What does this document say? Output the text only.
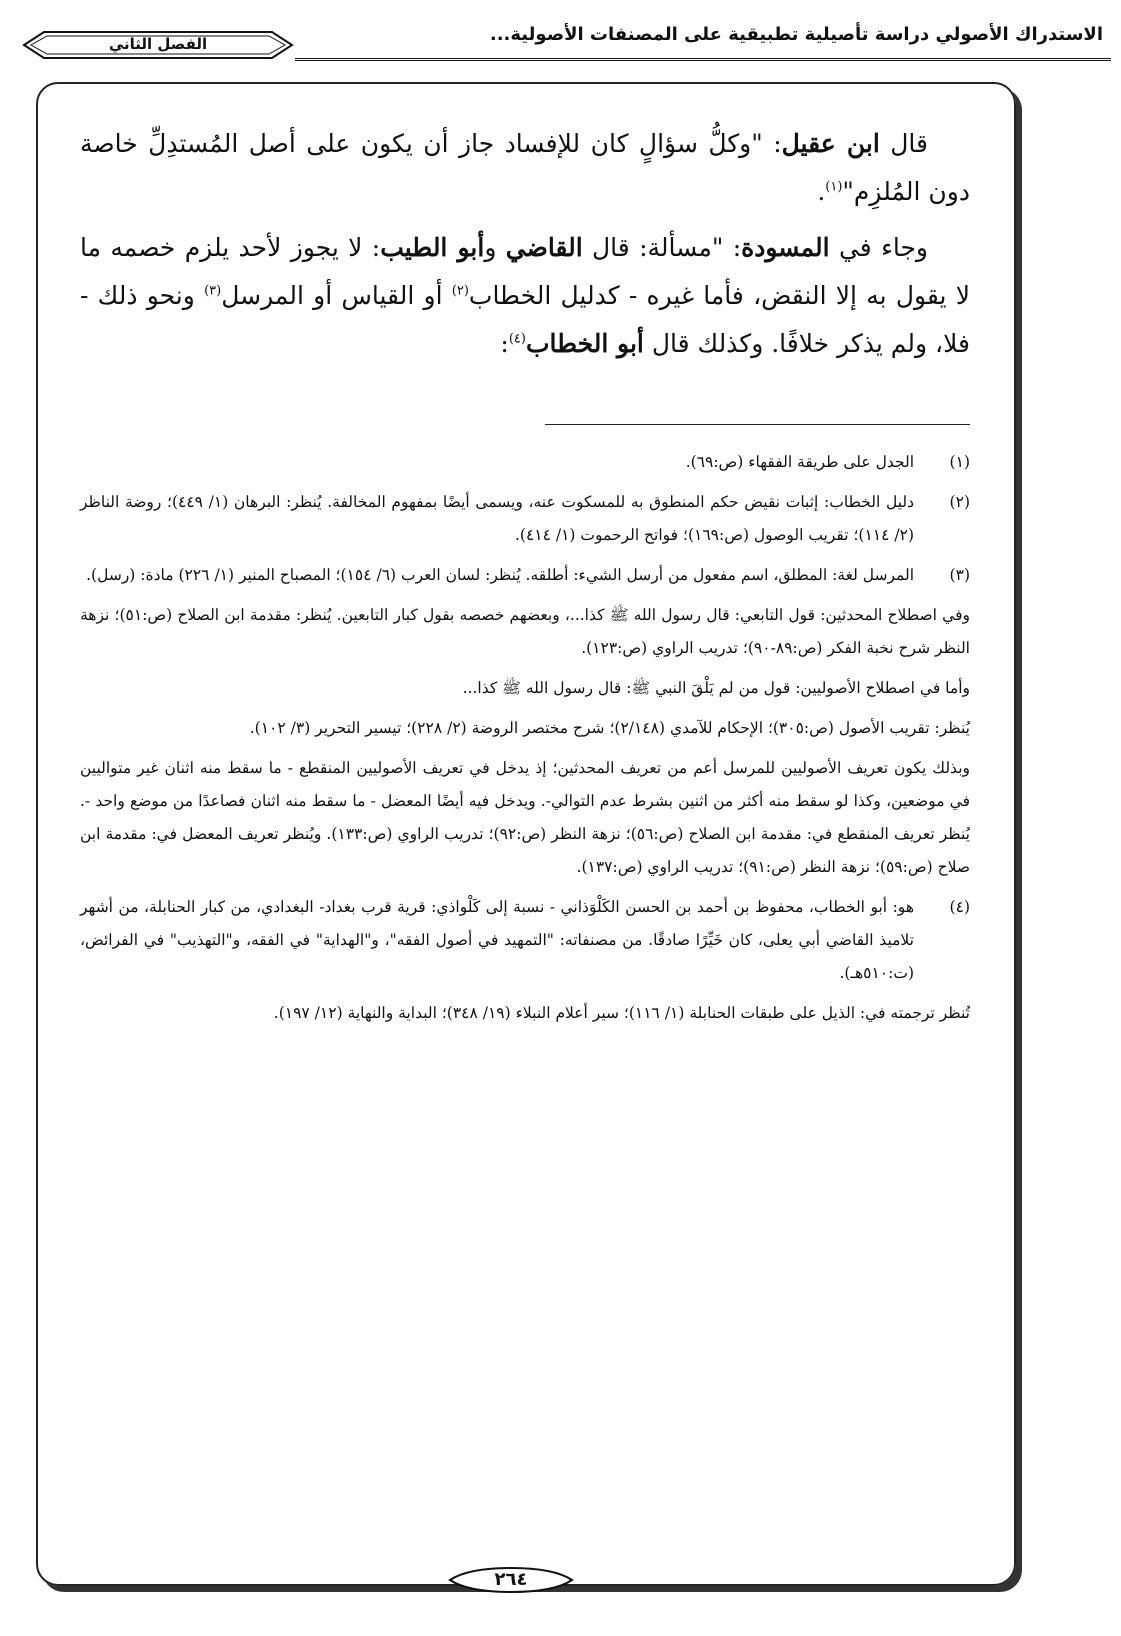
الاستدراك الأصولي دراسة تأصيلية تطبيقية على المصنفات الأصولية...
الفصل الثاني

قال ابن عقيل: "وكلُّ سؤالٍ كان للإفساد جاز أن يكون على أصل المُستدِلِّ خاصة دون المُلزِم"$^{(١)}$.

وجاء في المسودة: "مسألة: قال القاضي وأبو الطيب: لا يجوز لأحد يلزم خصمه ما لا يقول به إلا النقض، فأما غيره - كدليل الخطاب$^{(٢)}$ أو القياس أو المرسل$^{(٣)}$ ونحو ذلك - فلا، ولم يذكر خلافًا. وكذلك قال أبو الخطاب$^{(٤)}$:

(١)
الجدل على طريقة الفقهاء (ص:٦٩).
(٢)
دليل الخطاب: إثبات نقيض حكم المنطوق به للمسكوت عنه، ويسمى أيضًا بمفهوم المخالفة. يُنظر: البرهان (١/ ٤٤٩)؛ روضة الناظر (٢/ ١١٤)؛ تقريب الوصول (ص:١٦٩)؛ فواتح الرحموت (١/ ٤١٤).
(٣)
المرسل لغة: المطلق، اسم مفعول من أرسل الشيء: أطلقه. يُنظر: لسان العرب (٦/ ١٥٤)؛ المصباح المنير (١/ ٢٢٦) مادة: (رسل).
وفي اصطلاح المحدثين: قول التابعي: قال رسول الله ﷺ كذا...، وبعضهم خصصه بقول كبار التابعين. يُنظر: مقدمة ابن الصلاح (ص:٥١)؛ نزهة النظر شرح نخبة الفكر (ص:٨٩-٩٠)؛ تدريب الراوي (ص:١٢٣).
وأما في اصطلاح الأصوليين: قول من لم يَلْقَ النبي ﷺ: قال رسول الله ﷺ كذا...
يُنظر: تقريب الأصول (ص:٣٠٥)؛ الإحكام للآمدي (٢/١٤٨)؛ شرح مختصر الروضة (٢/ ٢٢٨)؛ تيسير التحرير (٣/ ١٠٢).
وبذلك يكون تعريف الأصوليين للمرسل أعم من تعريف المحدثين؛ إذ يدخل في تعريف الأصوليين المنقطع - ما سقط منه اثنان غير متواليين في موضعين، وكذا لو سقط منه أكثر من اثنين بشرط عدم التوالي-. ويدخل فيه أيضًا المعضل - ما سقط منه اثنان فصاعدًا من موضع واحد -. يُنظر تعريف المنقطع في: مقدمة ابن الصلاح (ص:٥٦)؛ نزهة النظر (ص:٩٢)؛ تدريب الراوي (ص:١٣٣). ويُنظر تعريف المعضل في: مقدمة ابن صلاح (ص:٥٩)؛ نزهة النظر (ص:٩١)؛ تدريب الراوي (ص:١٣٧).
(٤)
هو: أبو الخطاب، محفوظ بن أحمد بن الحسن الكَلْوَذاني - نسبة إلى كَلْواذي: قرية قرب بغداد- البغدادي، من كبار الحنابلة، من أشهر تلاميذ القاضي أبي يعلى، كان خَيِّرًا صادقًا. من مصنفاته: "التمهيد في أصول الفقه"، و"الهداية" في الفقه، و"التهذيب" في الفرائض، (ت:٥١٠هـ).
تُنظر ترجمته في: الذيل على طبقات الحنابلة (١/ ١١٦)؛ سير أعلام النبلاء (١٩/ ٣٤٨)؛ البداية والنهاية (١٢/ ١٩٧).
٢٦٤
